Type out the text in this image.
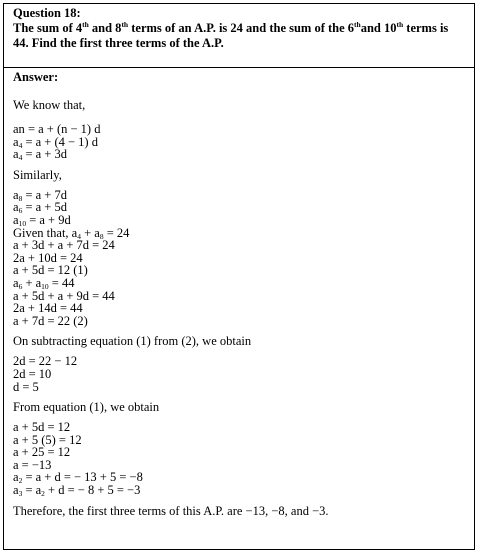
Question 18:
The sum of 4th and 8th terms of an A.P. is 24 and the sum of the 6thand 10th terms is
44. Find the first three terms of the A.P.
Answer:
We know that,
an = a + (n − 1) d
$a_4 = a + (4 - 1)$ d
$a_4 = a + 3d$
Similarly,
$a_8 = a + 7d$
$a_6 = a + 5d$
$a_{10} = a + 9d$
Given that, $a_4 + a_8 = 24$
a + 3d + a + 7d = 24
2a + 10d = 24
a + 5d = 12 (1)
$a_6 + a_{10} = 44$
a + 5d + a + 9d = 44
2a + 14d = 44
a + 7d = 22 (2)
On subtracting equation (1) from (2), we obtain
2d = 22 − 12
2d = 10
d = 5
From equation (1), we obtain
a + 5d = 12
a + 5 (5) = 12
a + 25 = 12
a = −13
$a_2 = a + d$ = − 13 + 5 = −8
$a_3 = a_2 + d$ = − 8 + 5 = −3
Therefore, the first three terms of this A.P. are −13, −8, and −3.
